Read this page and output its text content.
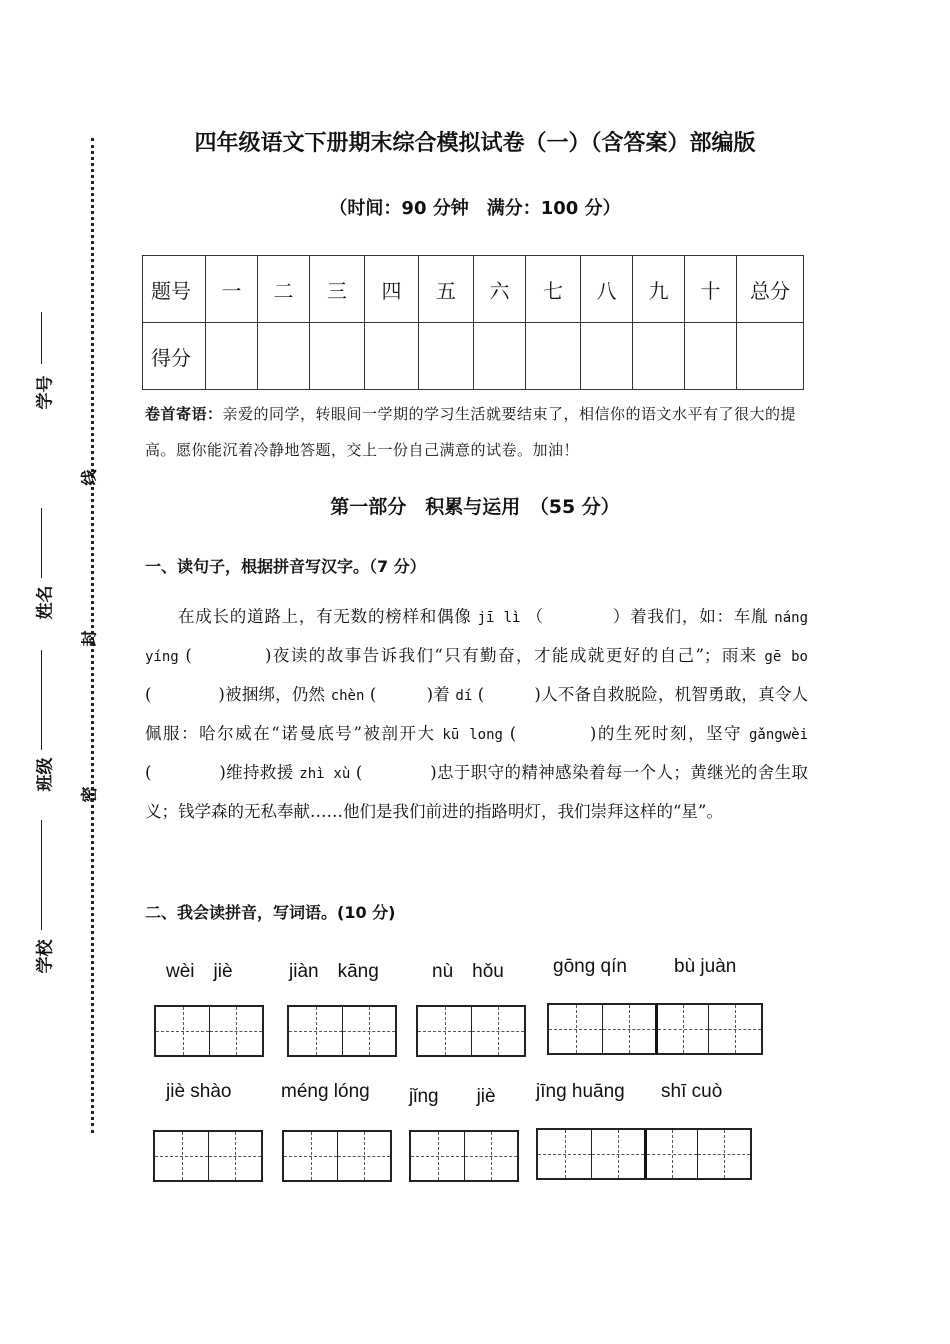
学号
姓名
班级
学校
线
封
密
四年级语文下册期末综合模拟试卷（一）（含答案）部编版
（时间：90 分钟　满分：100 分）
题号	一	二	三	四	五	六	七	八	九	十	总分
得分											
卷首寄语：亲爱的同学，转眼间一学期的学习生活就要结束了，相信你的语文水平有了很大的提高。愿你能沉着冷静地答题，交上一份自己满意的试卷。加油！
第一部分　积累与运用　（55 分）
一、读句子，根据拼音写汉字。（7 分）
在成长的道路上，有无数的榜样和偶像 jī lì （　　　　）着我们，如：车胤 náng　yíng (　　　　)夜读的故事告诉我们“只有勤奋，才能成就更好的自己”；雨来 gē bo (　　　　)被捆绑，仍然 chèn (　　　)着 dí (　　　)人不备自救脱险，机智勇敢，真令人佩服：哈尔威在“诺曼底号”被剖开大 kū long (　　　　)的生死时刻，坚守 gǎngwèi (　　　　)维持救援 zhì xù (　　　　)忠于职守的精神感染着每一个人；黄继光的舍生取义；钱学森的无私奉献……他们是我们前进的指路明灯，我们崇拜这样的“星”。
二、我会读拼音，写词语。(10 分)
wèi　jiè	jiàn　kāng	nù　hǒu	gōng qín bù juàn
jiè shào	méng lóng jǐng　　jiè jīng huāng shī cuò
